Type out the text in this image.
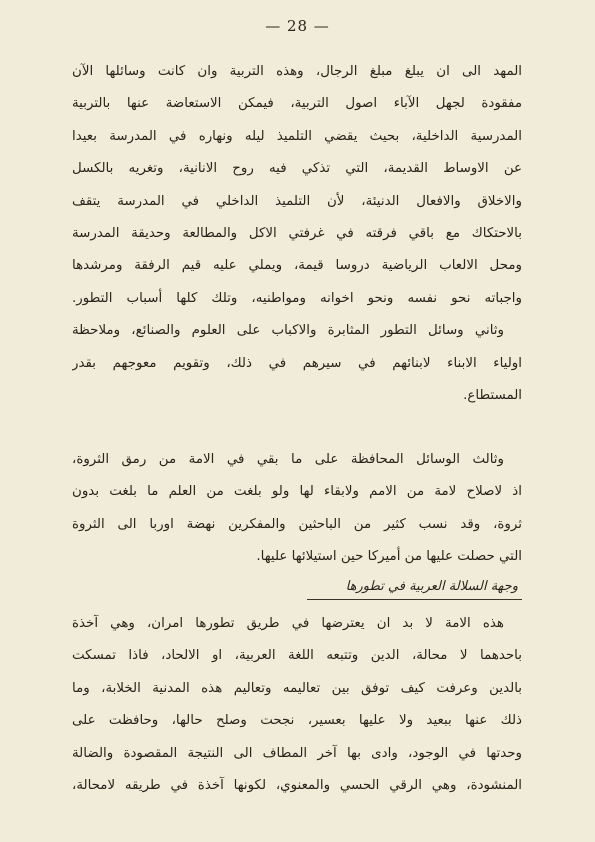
— 28 —

المهد الى ان يبلغ مبلغ الرجال، وهذه التربية وان كانت وسائلها الآن
مفقودة لجهل الآباء اصول التربية، فيمكن الاستعاضة عنها بالتربية
المدرسية الداخلية، بحيث يقضي التلميذ ليله ونهاره في المدرسة بعيدا
عن الاوساط القديمة، التي تذكي فيه روح الانانية، وتغريه بالكسل
والاخلاق والافعال الدنيئة، لأن التلميذ الداخلي في المدرسة يتقف
بالاحتكاك مع باقي فرقته في غرفتي الاكل والمطالعة وحديقة المدرسة
ومحل الالعاب الرياضية دروسا قيمة، ويملي عليه قيم الرفقة ومرشدها
واجباته نحو نفسه ونحو اخوانه ومواطنيه، وتلك كلها أسباب التطور.
وثاني وسائل التطور المثابرة والاكباب على العلوم والصنائع، وملاحظة
اولياء الابناء لابنائهم في سيرهم في ذلك، وتقويم معوجهم بقدر
المستطاع.

وثالث الوسائل المحافظة على ما بقي في الامة من رمق الثروة،
اذ لاصلاح لامة من الامم ولابقاء لها ولو بلغت من العلم ما بلغت بدون
ثروة، وقد نسب كثير من الباحثين والمفكرين نهضة اوربا الى الثروة
التي حصلت عليها من أميركا حين استيلائها عليها.

وجهة السلالة العربية في تطورها

هذه الامة لا بد ان يعترضها في طريق تطورها امران، وهي آخذة
باحدهما لا محالة، الدين وتتبعه اللغة العربية، او الالحاد، فاذا تمسكت
بالدين وعرفت كيف توفق بين تعاليمه وتعاليم هذه المدنية الخلابة، وما
ذلك عنها ببعيد ولا عليها بعسير، نجحت وصلح حالها، وحافظت على
وحدتها في الوجود، وادى بها آخر المطاف الى النتيجة المقصودة والضالة
المنشودة، وهي الرقي الحسي والمعنوي، لكونها آخذة في طريقه لامحالة،
